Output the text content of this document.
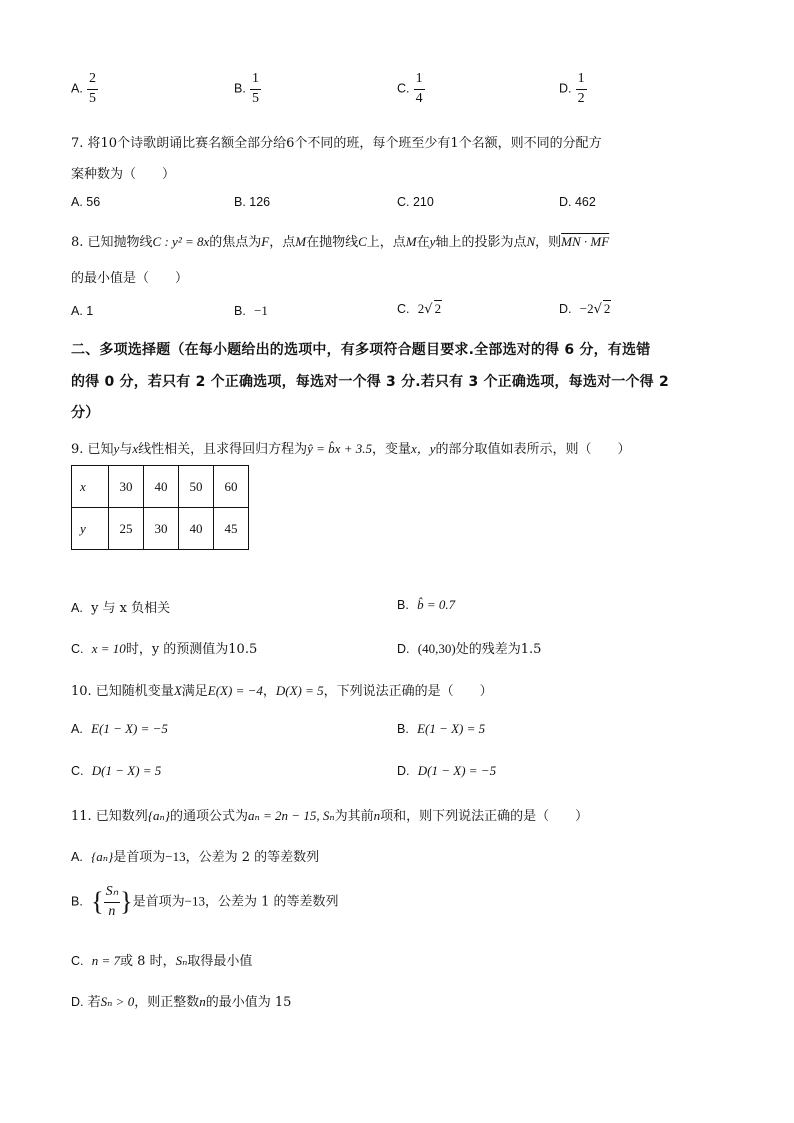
A. $\frac{2}{5}$	B. $\frac{1}{5}$	C. $\frac{1}{4}$	D. $\frac{1}{2}$
7. 将10个诗歌朗诵比赛名额全部分给6个不同的班，每个班至少有1个名额，则不同的分配方
案种数为（　　）
A. 56	B. 126	C. 210	D. 462
8. 已知抛物线C : y² = 8x的焦点为F，点M在抛物线C上，点M在y轴上的投影为点N，则MN · MF
的最小值是（　　）
A. 1	B. −1	C. 2√ 2	D. −2√ 2
二、多项选择题（在每小题给出的选项中，有多项符合题目要求.全部选对的得 6 分，有选错
的得 0 分，若只有 2 个正确选项，每选对一个得 3 分.若只有 3 个正确选项，每选对一个得 2
分）
9. 已知y与x线性相关，且求得回归方程为ŷ = b̂x + 3.5，变量x，y的部分取值如表所示，则（　　）
x	30	40	50	60
y	25	30	40	45
A. y 与 x 负相关	B. b̂ = 0.7
C. x = 10时，y 的预测值为10.5	D. (40,30)处的残差为1.5
10. 已知随机变量X满足E(X) = −4，D(X) = 5，下列说法正确的是（　　）
A. E(1 − X) = −5	B. E(1 − X) = 5
C. D(1 − X) = 5	D. D(1 − X) = −5
11. 已知数列{aₙ}的通项公式为aₙ = 2n − 15, Sₙ为其前n项和，则下列说法正确的是（　　）
A. {aₙ}是首项为−13，公差为 2 的等差数列
B. { $\frac{\text{Sₙ}}{n}$ } 是首项为−13，公差为 1 的等差数列
C. n = 7或 8 时，Sₙ取得最小值
D. 若Sₙ > 0，则正整数n的最小值为 15
